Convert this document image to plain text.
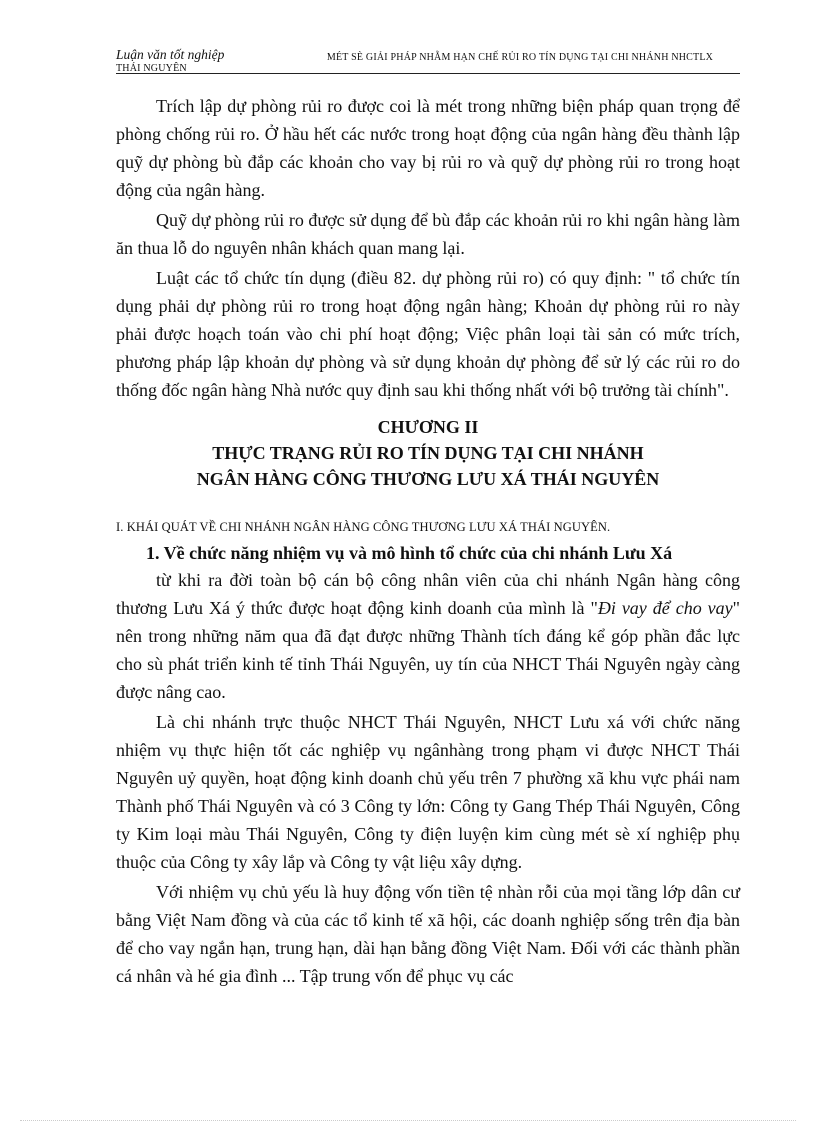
Luận văn tốt nghiệp
THÁI NGUYÊN
MÉT SÈ GIẢI PHÁP NHẰM HẠN CHẾ RỦI RO TÍN DỤNG TẠI CHI NHÁNH NHCTLX

Trích lập dự phòng rủi ro được coi là mét trong những biện pháp quan trọng để phòng chống rủi ro. Ở hầu hết các nước trong hoạt động của ngân hàng đều thành lập quỹ dự phòng bù đắp các khoản cho vay bị rủi ro và quỹ dự phòng rủi ro trong hoạt động của ngân hàng.

Quỹ dự phòng rủi ro được sử dụng để bù đắp các khoản rủi ro khi ngân hàng làm ăn thua lỗ do nguyên nhân khách quan mang lại.

Luật các tổ chức tín dụng (điều 82. dự phòng rủi ro) có quy định: " tổ chức tín dụng phải dự phòng rủi ro trong hoạt động ngân hàng; Khoản dự phòng rủi ro này phải được hoạch toán vào chi phí hoạt động; Việc phân loại tài sản có mức trích, phương pháp lập khoản dự phòng và sử dụng khoản dự phòng để sử lý các rủi ro do thống đốc ngân hàng Nhà nước quy định sau khi thống nhất với bộ trưởng tài chính".

CHƯƠNG II
THỰC TRẠNG RỦI RO TÍN DỤNG TẠI CHI NHÁNH
NGÂN HÀNG CÔNG THƯƠNG LƯU XÁ THÁI NGUYÊN
I. KHÁI QUÁT VỀ CHI NHÁNH NGÂN HÀNG CÔNG THƯƠNG LƯU XÁ THÁI NGUYÊN.
1. Về chức năng nhiệm vụ và mô hình tổ chức của chi nhánh Lưu Xá

từ khi ra đời toàn bộ cán bộ công nhân viên của chi nhánh Ngân hàng công thương Lưu Xá ý thức được hoạt động kinh doanh của mình là "Đi vay để cho vay" nên trong những năm qua đã đạt được những Thành tích đáng kể góp phần đắc lực cho sù phát triển kinh tế tỉnh Thái Nguyên, uy tín của NHCT Thái Nguyên ngày càng được nâng cao.

Là chi nhánh trực thuộc NHCT Thái Nguyên, NHCT Lưu xá với chức năng nhiệm vụ thực hiện tốt các nghiệp vụ ngânhàng trong phạm vi được NHCT Thái Nguyên uỷ quyền, hoạt động kinh doanh chủ yếu trên 7 phường xã khu vực phái nam Thành phố Thái Nguyên và có 3 Công ty lớn: Công ty Gang Thép Thái Nguyên, Công ty Kim loại màu Thái Nguyên, Công ty điện luyện kim cùng mét sè xí nghiệp phụ thuộc của Công ty xây lắp và Công ty vật liệu xây dựng.

Với nhiệm vụ chủ yếu là huy động vốn tiền tệ nhàn rỗi của mọi tầng lớp dân cư bằng Việt Nam đồng và của các tổ kinh tế xã hội, các doanh nghiệp sống trên địa bàn để cho vay ngắn hạn, trung hạn, dài hạn bằng đồng Việt Nam. Đối với các thành phần cá nhân và hé gia đình ... Tập trung vốn để phục vụ các
